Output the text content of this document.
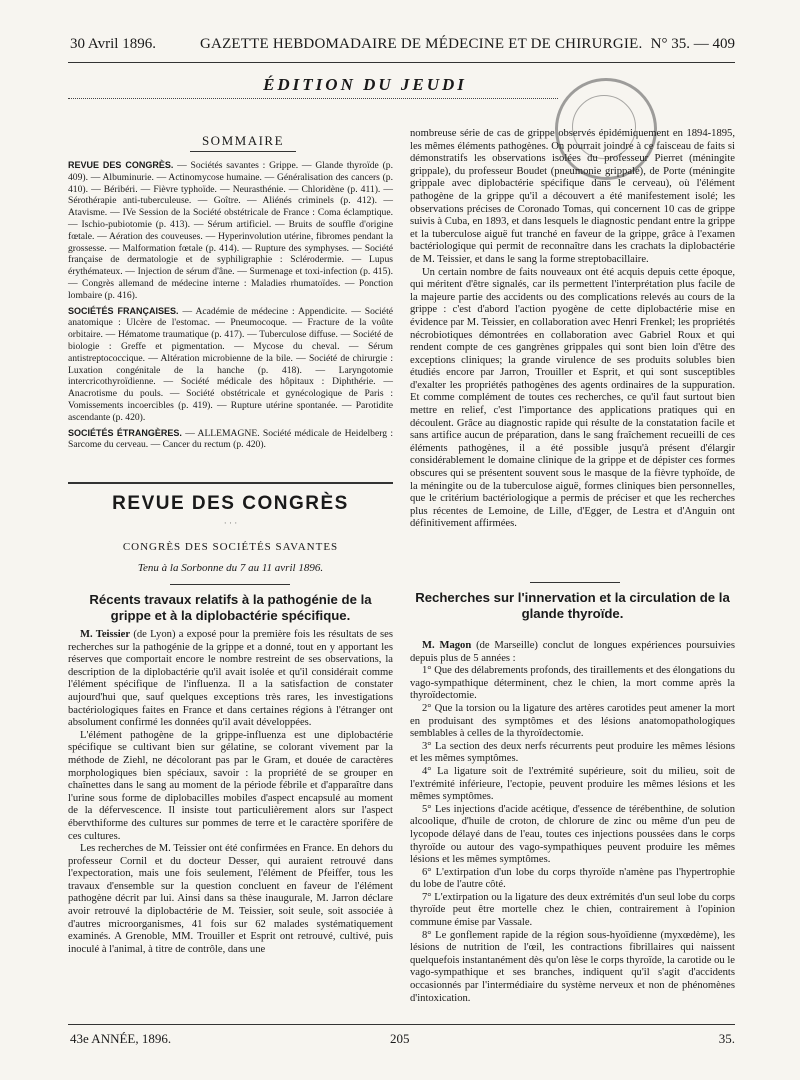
30 Avril 1896.	GAZETTE HEBDOMADAIRE DE MÉDECINE ET DE CHIRURGIE. N° 35. — 409
ÉDITION DU JEUDI
SOMMAIRE

REVUE DES CONGRÈS. — Sociétés savantes : Grippe. — Glande thyroïde (p. 409). — Albuminurie. — Actinomycose humaine. — Généralisation des cancers (p. 410). — Béribéri. — Fièvre typhoïde. — Neurasthénie. — Chloridène (p. 411). — Sérothérapie anti-tuberculeuse. — Goître. — Aliénés criminels (p. 412). — Atavisme. — IVe Session de la Société obstétricale de France : Coma éclamptique. — Ischio-pubiotomie (p. 413). — Sérum artificiel. — Bruits de souffle d'origine fœtale. — Aération des couveuses. — Hyperinvolution utérine, fibromes pendant la grossesse. — Malformation fœtale (p. 414). — Rupture des symphyses. — Société française de dermatologie et de syphiligraphie : Sclérodermie. — Lupus érythémateux. — Injection de sérum d'âne. — Surmenage et toxi-infection (p. 415). — Congrès allemand de médecine interne : Maladies rhumatoïdes. — Ponction lombaire (p. 416).

SOCIÉTÉS FRANÇAISES. — Académie de médecine : Appendicite. — Société anatomique : Ulcère de l'estomac. — Pneumocoque. — Fracture de la voûte orbitaire. — Hématome traumatique (p. 417). — Tuberculose diffuse. — Société de biologie : Greffe et pigmentation. — Mycose du cheval. — Sérum antistreptococcique. — Altération microbienne de la bile. — Société de chirurgie : Luxation congénitale de la hanche (p. 418). — Laryngotomie intercricothyroïdienne. — Société médicale des hôpitaux : Diphthérie. — Anacrotisme du pouls. — Société obstétricale et gynécologique de Paris : Vomissements incoercibles (p. 419). — Rupture utérine spontanée. — Parotidite ascendante (p. 420).

SOCIÉTÉS ÉTRANGÈRES. — ALLEMAGNE. Société médicale de Heidelberg : Sarcome du cerveau. — Cancer du rectum (p. 420).

REVUE DES CONGRÈS
· · ·
CONGRÈS DES SOCIÉTÉS SAVANTES
Tenu à la Sorbonne du 7 au 11 avril 1896.
Récents travaux relatifs à la pathogénie de la grippe et à la diplobactérie spécifique.

M. Teissier (de Lyon) a exposé pour la première fois les résultats de ses recherches sur la pathogénie de la grippe et a donné, tout en y apportant les réserves que comportait encore le nombre restreint de ses observations, la description de la diplobactérie qu'il avait isolée et qu'il considérait comme l'élément spécifique de l'influenza. Il a la satisfaction de constater aujourd'hui que, sauf quelques exceptions très rares, les investigations bactériologiques faites en France et dans certaines régions à l'étranger ont absolument confirmé les données qu'il avait développées.

L'élément pathogène de la grippe-influenza est une diplobactérie spécifique se cultivant bien sur gélatine, se colorant vivement par la méthode de Ziehl, ne décolorant pas par le Gram, et douée de caractères morphologiques bien spéciaux, savoir : la propriété de se grouper en chaînettes dans le sang au moment de la période fébrile et d'apparaître dans l'urine sous forme de diplobacilles mobiles d'aspect encapsulé au moment de la défervescence. Il insiste tout particulièrement alors sur l'aspect ébervthiforme des cultures sur pommes de terre et le caractère sporifère de ces cultures.

Les recherches de M. Teissier ont été confirmées en France. En dehors du professeur Cornil et du docteur Desser, qui auraient retrouvé dans l'expectoration, mais une fois seulement, l'élément de Pfeiffer, tous les travaux d'ensemble sur la question concluent en faveur de l'élément pathogène décrit par lui. Ainsi dans sa thèse inaugurale, M. Jarron déclare avoir retrouvé la diplobactérie de M. Teissier, soit seule, soit associée à d'autres microorganismes, 41 fois sur 62 malades systématiquement examinés. A Grenoble, MM. Trouiller et Esprit ont retrouvé, cultivé, puis inoculé à l'animal, à titre de contrôle, dans une

nombreuse série de cas de grippe observés épidémiquement en 1894-1895, les mêmes éléments pathogènes. On pourrait joindre à ce faisceau de faits si démonstratifs les observations isolées du professeur Pierret (méningite grippale), du professeur Boudet (pneumonie grippale), de Porte (méningite grippale avec diplobactérie spécifique dans le cerveau), où l'élément pathogène de la grippe qu'il a découvert a été manifestement isolé; les observations précises de Coronado Tomas, qui concernent 10 cas de grippe suivis à Cuba, en 1893, et dans lesquels le diagnostic pendant entre la grippe et la tuberculose aiguë fut tranché en faveur de la grippe, grâce à l'examen bactériologique qui permit de reconnaître dans les crachats la diplobactérie de M. Teissier, et dans le sang la forme streptobacillaire.

Un certain nombre de faits nouveaux ont été acquis depuis cette époque, qui méritent d'être signalés, car ils permettent l'interprétation plus facile de la majeure partie des accidents ou des complications relevés au cours de la grippe : c'est d'abord l'action pyogène de cette diplobactérie mise en évidence par M. Teissier, en collaboration avec Henri Frenkel; les propriétés nécrobiotiques démontrées en collaboration avec Gabriel Roux et qui rendent compte de ces gangrènes grippales qui sont bien loin d'être des exceptions cliniques; la grande virulence de ses produits solubles bien étudiés encore par Jarron, Trouiller et Esprit, et qui sont susceptibles d'exalter les propriétés pathogènes des agents ordinaires de la suppuration. Et comme complément de toutes ces recherches, ce qu'il faut surtout bien mettre en relief, c'est l'importance des applications pratiques qui en découlent. Grâce au diagnostic rapide qui résulte de la constatation facile et sans artifice aucun de préparation, dans le sang fraîchement recueilli de ces éléments pathogènes, il a été possible jusqu'à présent d'élargir considérablement le domaine clinique de la grippe et de dépister ces formes obscures qui se présentent souvent sous le masque de la fièvre typhoïde, de la méningite ou de la tuberculose aiguë, formes cliniques bien personnelles, que le critérium bactériologique a permis de préciser et que les recherches plus récentes de Lemoine, de Lille, d'Egger, de Lestra et d'Anguin ont définitivement affirmées.

Recherches sur l'innervation et la circulation de la glande thyroïde.

M. Magon (de Marseille) conclut de longues expériences poursuivies depuis plus de 5 années :

1° Que des délabrements profonds, des tiraillements et des élongations du vago-sympathique déterminent, chez le chien, la mort comme après la thyroïdectomie.

2° Que la torsion ou la ligature des artères carotides peut amener la mort en produisant des symptômes et des lésions anatomopathologiques semblables à celles de la thyroïdectomie.

3° La section des deux nerfs récurrents peut produire les mêmes lésions et les mêmes symptômes.

4° La ligature soit de l'extrémité supérieure, soit du milieu, soit de l'extrémité inférieure, l'ectopie, peuvent produire les mêmes lésions et les mêmes symptômes.

5° Les injections d'acide acétique, d'essence de térébenthine, de solution alcoolique, d'huile de croton, de chlorure de zinc ou même d'un peu de lycopode délayé dans de l'eau, toutes ces injections poussées dans le corps thyroïde ou autour des vago-sympathiques peuvent produire les mêmes lésions et les mêmes symptômes.

6° L'extirpation d'un lobe du corps thyroïde n'amène pas l'hypertrophie du lobe de l'autre côté.

7° L'extirpation ou la ligature des deux extrémités d'un seul lobe du corps thyroïde peut être mortelle chez le chien, contrairement à l'opinion commune émise par Vassale.

8° Le gonflement rapide de la région sous-hyoïdienne (myxœdème), les lésions de nutrition de l'œil, les contractions fibrillaires qui naissent quelquefois instantanément dès qu'on lèse le corps thyroïde, la carotide ou le vago-sympathique et ses branches, indiquent qu'il s'agit d'accidents occasionnés par l'intermédiaire du système nerveux et non de phénomènes d'intoxication.

43e ANNÉE, 1896.	205	35.
